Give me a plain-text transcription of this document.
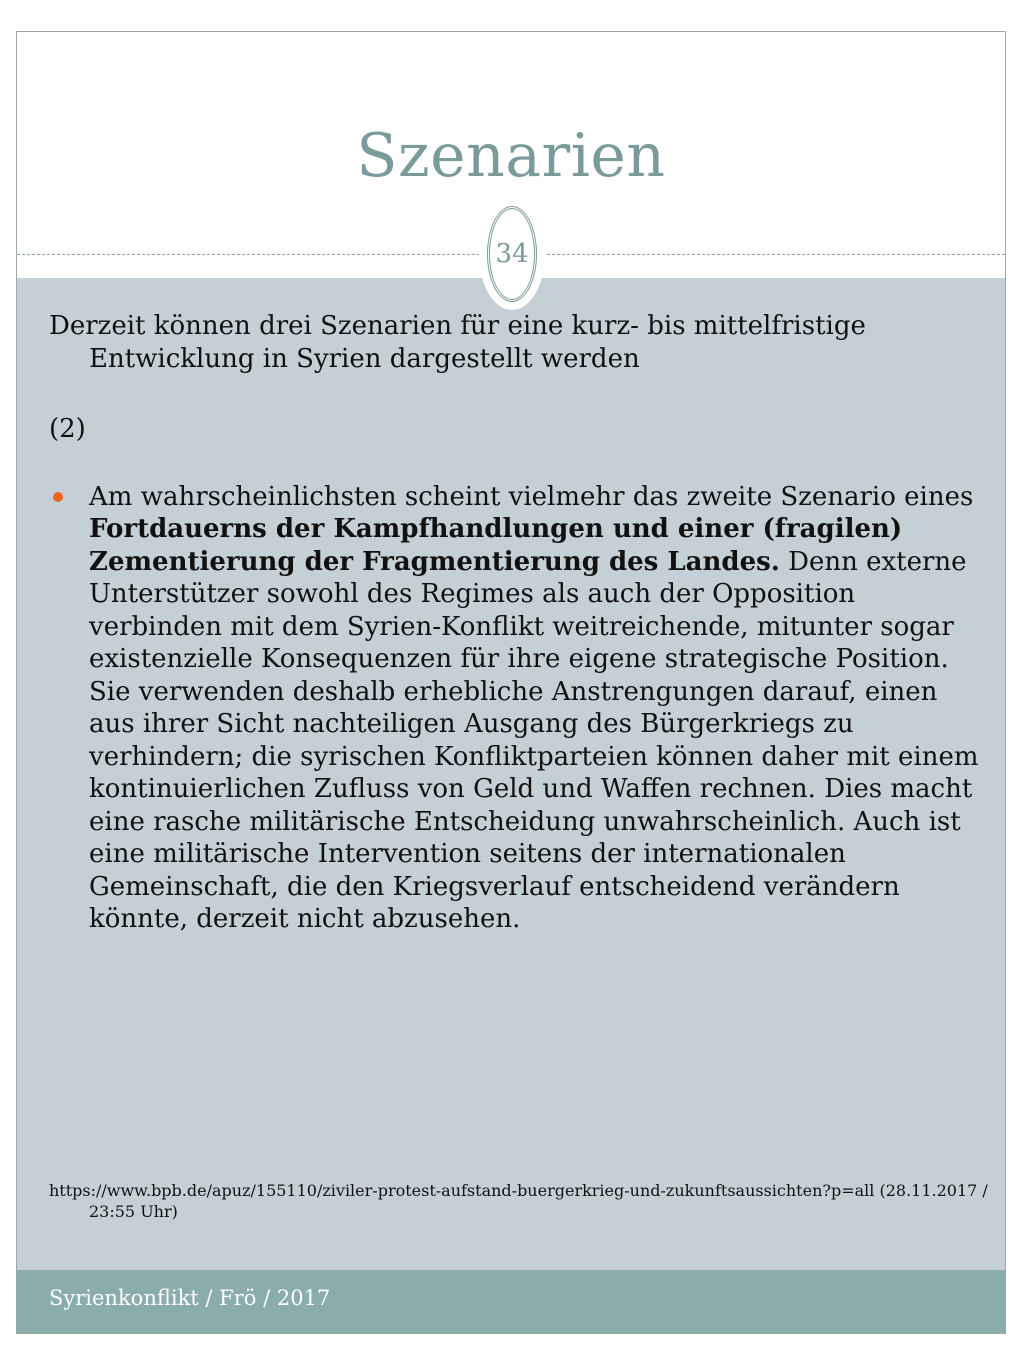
Szenarien
34

Derzeit können drei Szenarien für eine kurz- bis mittelfristige Entwicklung in Syrien dargestellt werden

(2)

Am wahrscheinlichsten scheint vielmehr das zweite Szenario eines Fortdauerns der Kampfhandlungen und einer (fragilen) Zementierung der Fragmentierung des Landes. Denn externe Unterstützer sowohl des Regimes als auch der Opposition verbinden mit dem Syrien-Konflikt weitreichende, mitunter sogar existenzielle Konsequenzen für ihre eigene strategische Position. Sie verwenden deshalb erhebliche Anstrengungen darauf, einen aus ihrer Sicht nachteiligen Ausgang des Bürgerkriegs zu verhindern; die syrischen Konfliktparteien können daher mit einem kontinuierlichen Zufluss von Geld und Waffen rechnen. Dies macht eine rasche militärische Entscheidung unwahrscheinlich. Auch ist eine militärische Intervention seitens der internationalen Gemeinschaft, die den Kriegsverlauf entscheidend verändern könnte, derzeit nicht abzusehen.

https://www.bpb.de/apuz/155110/ziviler-protest-aufstand-buergerkrieg-und-zukunftsaussichten?p=all (28.11.2017 / 23:55 Uhr)
Syrienkonflikt / Frö / 2017
